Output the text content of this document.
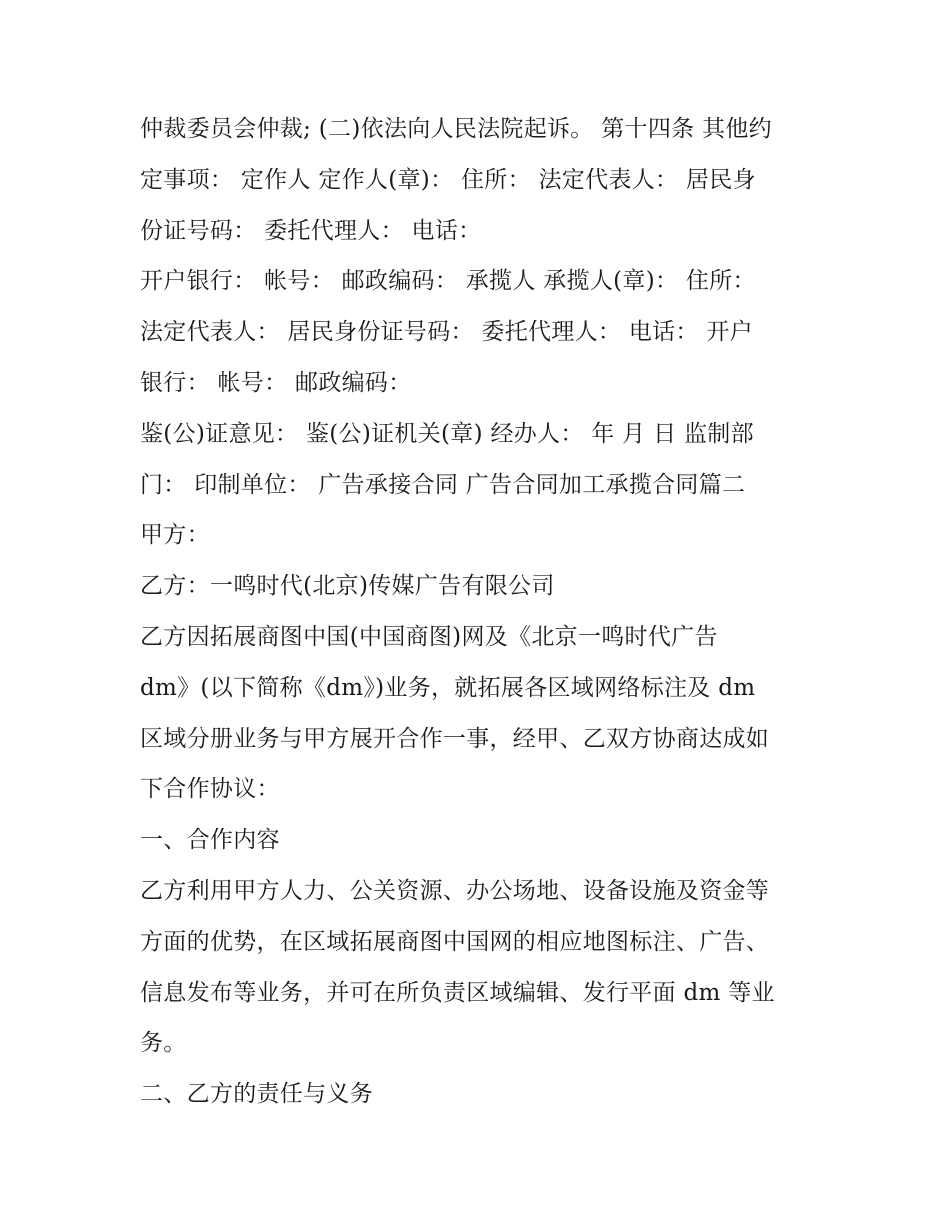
仲裁委员会仲裁; (二)依法向人民法院起诉。 第十四条 其他约
定事项： 定作人 定作人(章)： 住所： 法定代表人： 居民身
份证号码： 委托代理人： 电话：
开户银行： 帐号： 邮政编码： 承揽人 承揽人(章)： 住所：
法定代表人： 居民身份证号码： 委托代理人： 电话： 开户
银行： 帐号： 邮政编码：
鉴(公)证意见： 鉴(公)证机关(章) 经办人： 年 月 日 监制部
门： 印制单位： 广告承接合同 广告合同加工承揽合同篇二
甲方：
乙方：一鸣时代(北京)传媒广告有限公司
乙方因拓展商图中国(中国商图)网及《北京一鸣时代广告
dm》(以下简称《dm》)业务，就拓展各区域网络标注及 dm
区域分册业务与甲方展开合作一事，经甲、乙双方协商达成如
下合作协议：
一、合作内容
乙方利用甲方人力、公关资源、办公场地、设备设施及资金等
方面的优势，在区域拓展商图中国网的相应地图标注、广告、
信息发布等业务，并可在所负责区域编辑、发行平面 dm 等业
务。
二、乙方的责任与义务
